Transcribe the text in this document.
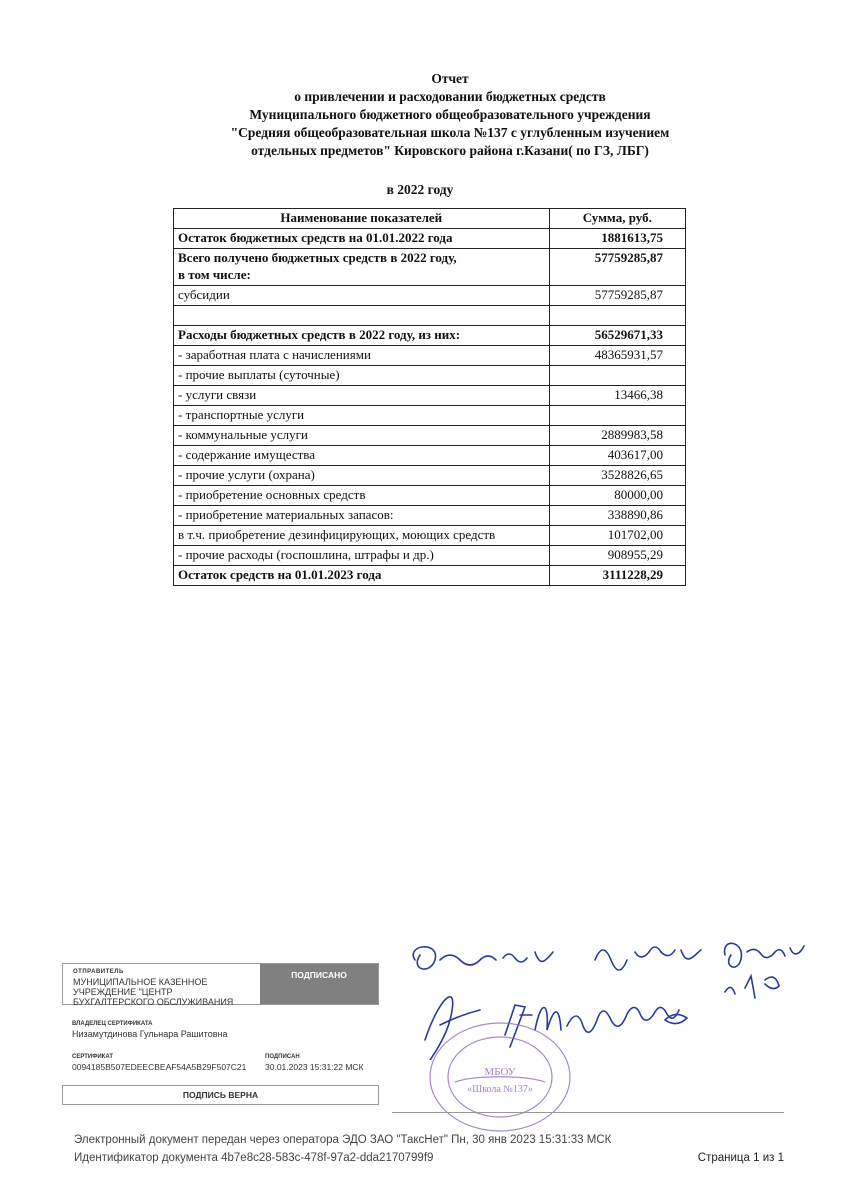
Отчет
о привлечении и расходовании бюджетных средств
Муниципального бюджетного общеобразовательного учреждения
"Средняя общеобразовательная школа №137 с углубленным изучением
отдельных предметов" Кировского района г.Казани( по ГЗ, ЛБГ)
в 2022 году
Наименование показателей	Сумма, руб.
Остаток бюджетных средств на 01.01.2022 года	1881613,75
Всего получено бюджетных средств в 2022 году,
в том числе:	57759285,87
субсидии	57759285,87

Расходы бюджетных средств в 2022 году, из них:	56529671,33
- заработная плата с начислениями	48365931,57
- прочие выплаты (суточные)	
- услуги связи	13466,38
- транспортные услуги	
- коммунальные услуги	2889983,58
- содержание имущества	403617,00
- прочие услуги (охрана)	3528826,65
- приобретение основных средств	80000,00
- приобретение материальных запасов:	338890,86
в т.ч. приобретение дезинфицирующих, моющих средств	101702,00
- прочие расходы (госпошлина, штрафы и др.)	908955,29
Остаток средств на 01.01.2023 года	3111228,29
МБОУ
«Школа №137»
ОТПРАВИТЕЛЬ
МУНИЦИПАЛЬНОЕ КАЗЕННОЕ УЧРЕЖДЕНИЕ "ЦЕНТР БУХГАЛТЕРСКОГО ОБСЛУЖИВАНИЯ
ПОДПИСАНО
ВЛАДЕЛЕЦ СЕРТИФИКАТА
Низамутдинова Гульнара Рашитовна
СЕРТИФИКАТ
0094185B507EDEECBEAF54A5B29F507C21
ПОДПИСАН
30.01.2023 15:31:22 МСК
ПОДПИСЬ ВЕРНА
Электронный документ передан через оператора ЭДО ЗАО "ТаксНет" Пн, 30 янв 2023 15:31:33 МСК
Идентификатор документа 4b7e8c28-583c-478f-97a2-dda2170799f9	Страница 1 из 1
